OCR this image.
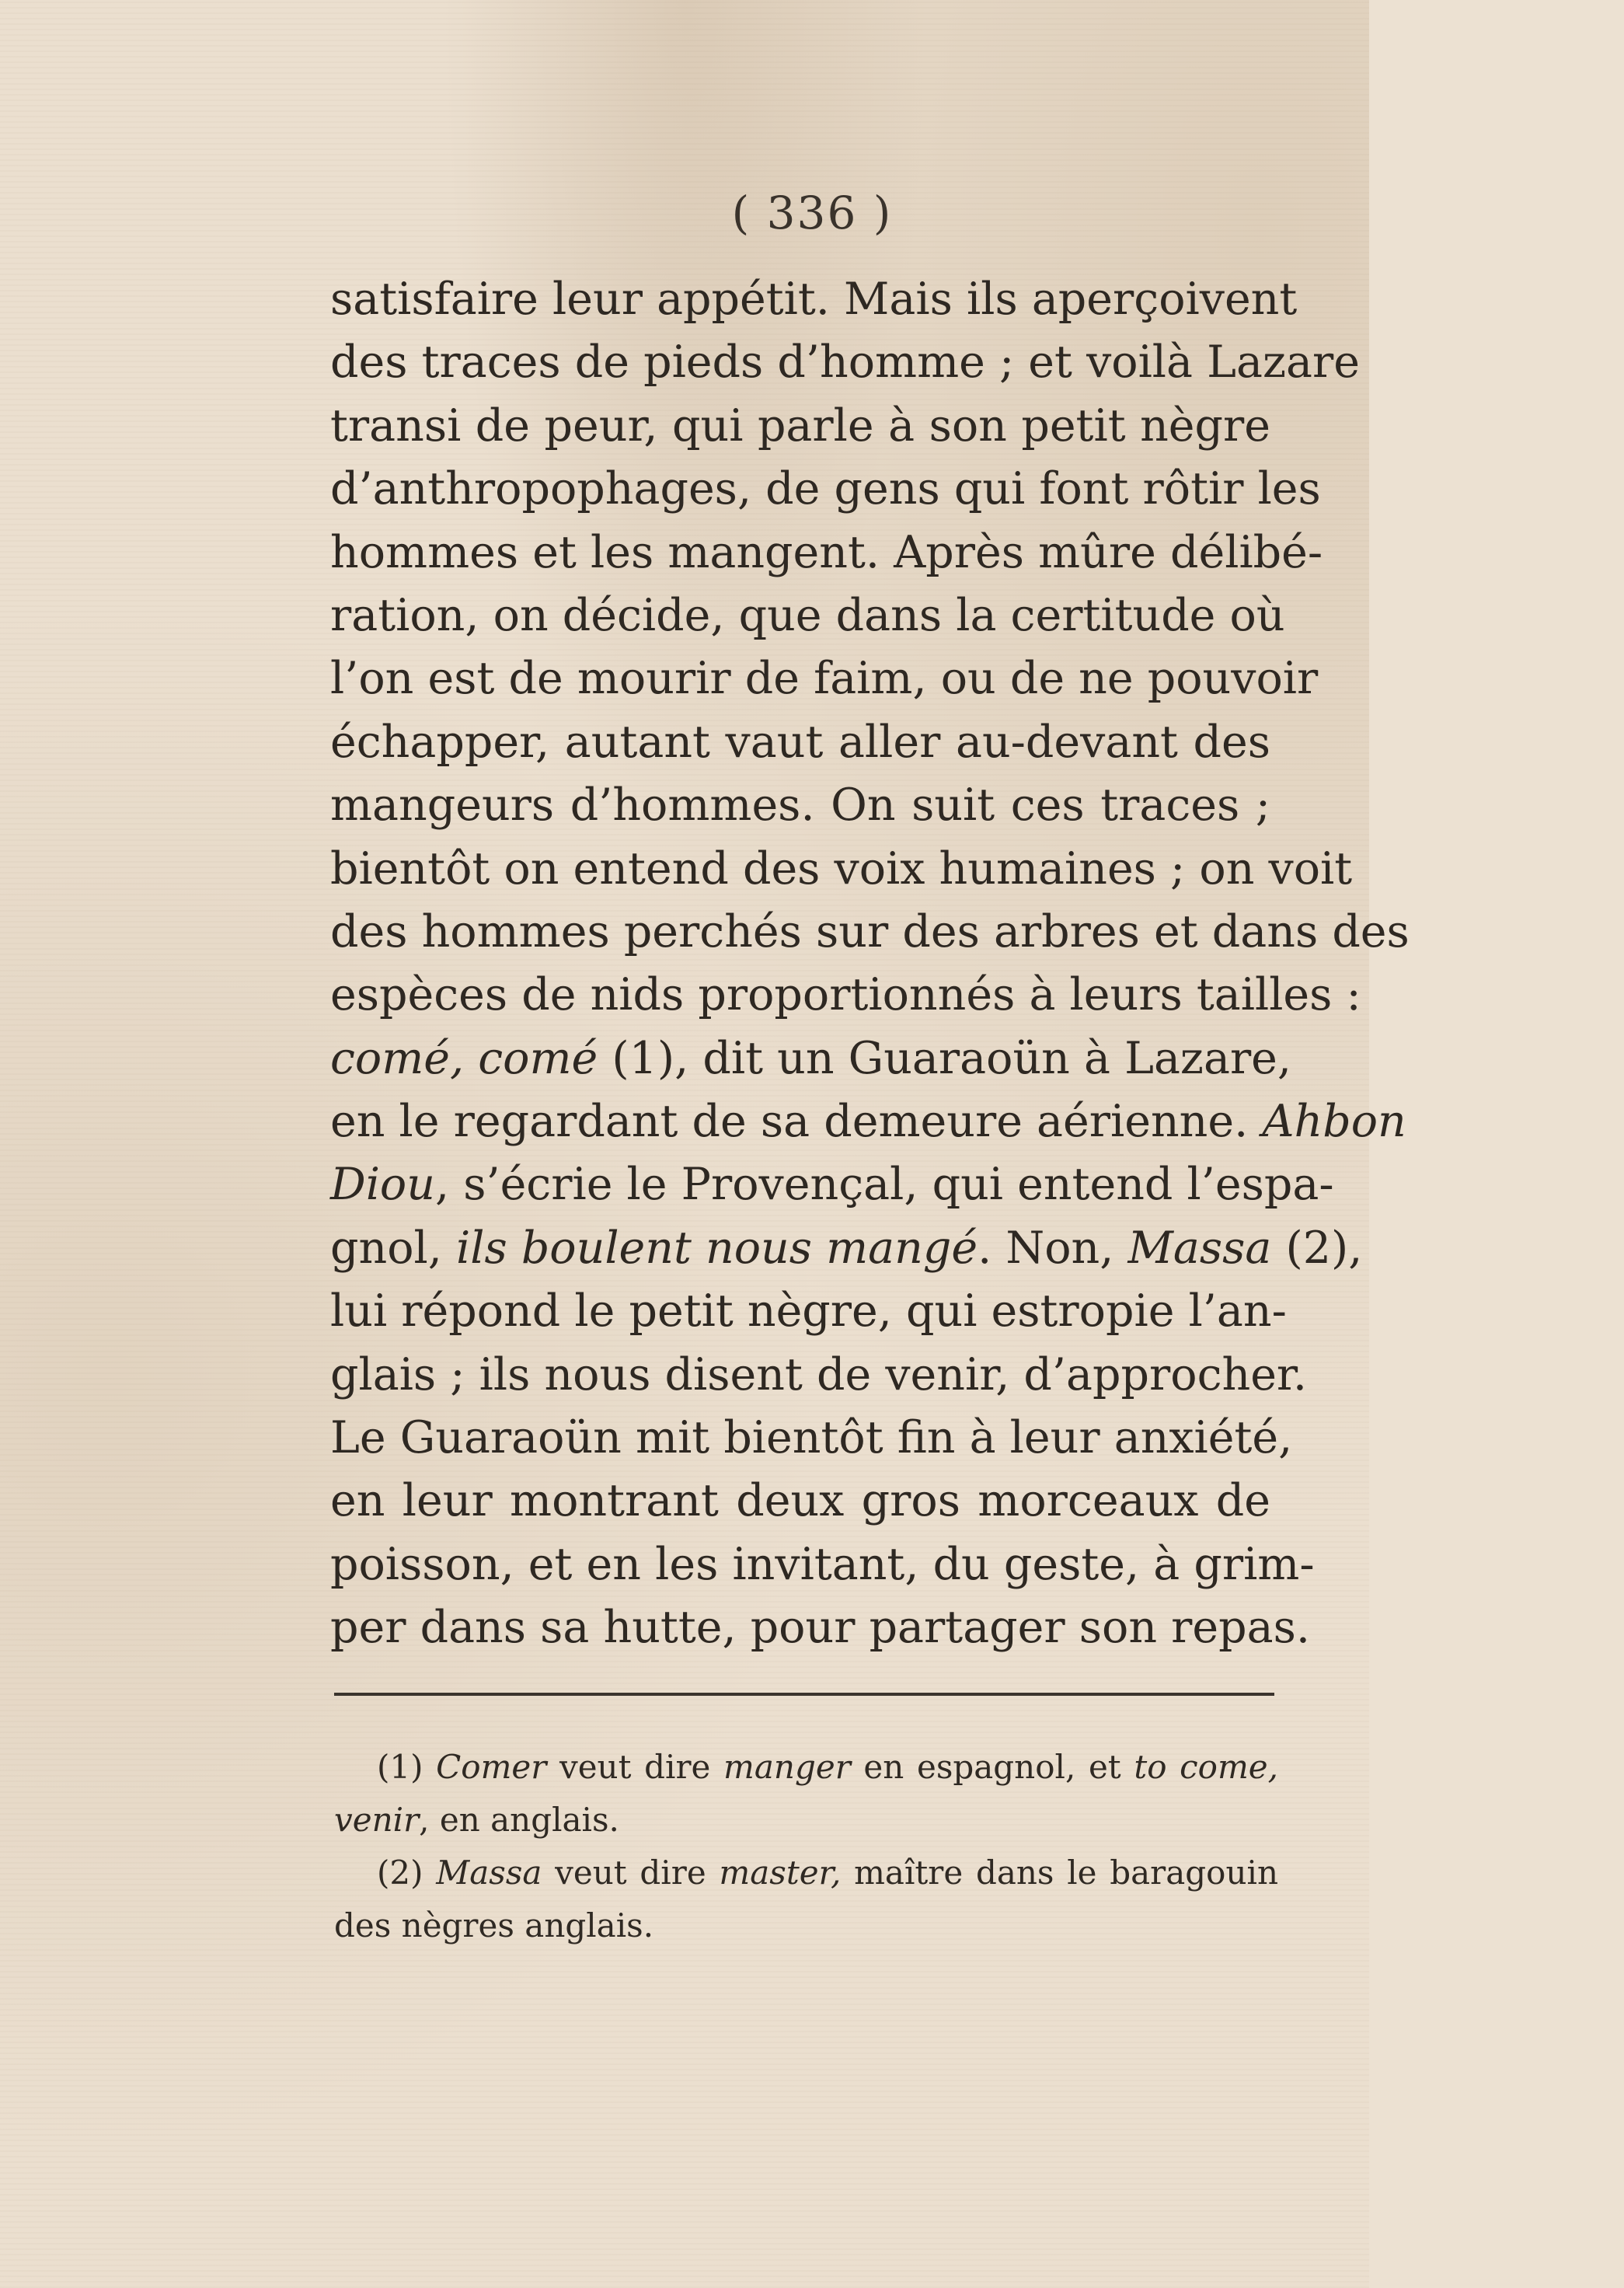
( 336 )
satisfaire leur appétit. Mais ils aperçoivent
des traces de pieds d’homme ; et voilà Lazare
transi de peur, qui parle à son petit nègre
d’anthropophages, de gens qui font rôtir les
hommes et les mangent. Après mûre délibé-
ration, on décide, que dans la certitude où
l’on est de mourir de faim, ou de ne pouvoir
échapper, autant vaut aller au-devant des
mangeurs d’hommes. On suit ces traces ;
bientôt on entend des voix humaines ; on voit
des hommes perchés sur des arbres et dans des
espèces de nids proportionnés à leurs tailles :
comé, comé (1), dit un Guaraoün à Lazare,
en le regardant de sa demeure aérienne. Ahbon
Diou, s’écrie le Provençal, qui entend l’espa-
gnol, ils boulent nous mangé. Non, Massa (2),
lui répond le petit nègre, qui estropie l’an-
glais ; ils nous disent de venir, d’approcher.
Le Guaraoün mit bientôt fin à leur anxiété,
en leur montrant deux gros morceaux de
poisson, et en les invitant, du geste, à grim-
per dans sa hutte, pour partager son repas.
(1) Comer veut dire manger en espagnol, et to come,
venir, en anglais.
(2) Massa veut dire master, maître dans le baragouin
des nègres anglais.
